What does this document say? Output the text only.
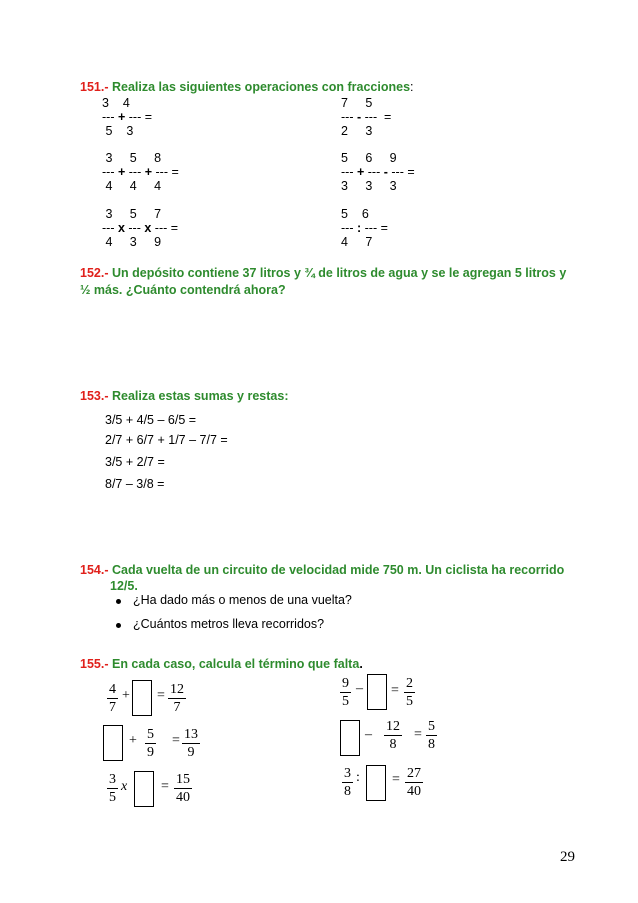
151.- Realiza las siguientes operaciones con fracciones:
3    4
--- + --- =
5    3
3     5     8
--- + --- + --- =
4     4     4
3     5     7
--- x --- x --- =
4     3     9
7     5
--- - ---  =
2     3
5     6     9
--- + --- - --- =
3     3     3
5    6
--- : --- =
4     7
152.- Un depósito contiene 37 litros y ¾ de litros de agua y se le agregan 5 litros y
½ más. ¿Cuánto contendrá ahora?
153.- Realiza estas sumas y restas:
3/5 + 4/5 – 6/5 =
2/7 + 6/7 + 1/7 – 7/7 =
3/5 + 2/7 =
8/7 – 3/8 =
154.- Cada vuelta de un circuito de velocidad mide 750 m. Un ciclista ha recorrido
12/5.
¿Ha dado más o menos de una vuelta?
¿Cuántos metros lleva recorridos?
155.- En cada caso, calcula el término que falta.
4
7
+ = 12
7
+ 5
9
= 13
9
3
5
x = 15
40
9
5
– = 2
5
–
12
8
=
5
8
3
8
: = 27
40
29
